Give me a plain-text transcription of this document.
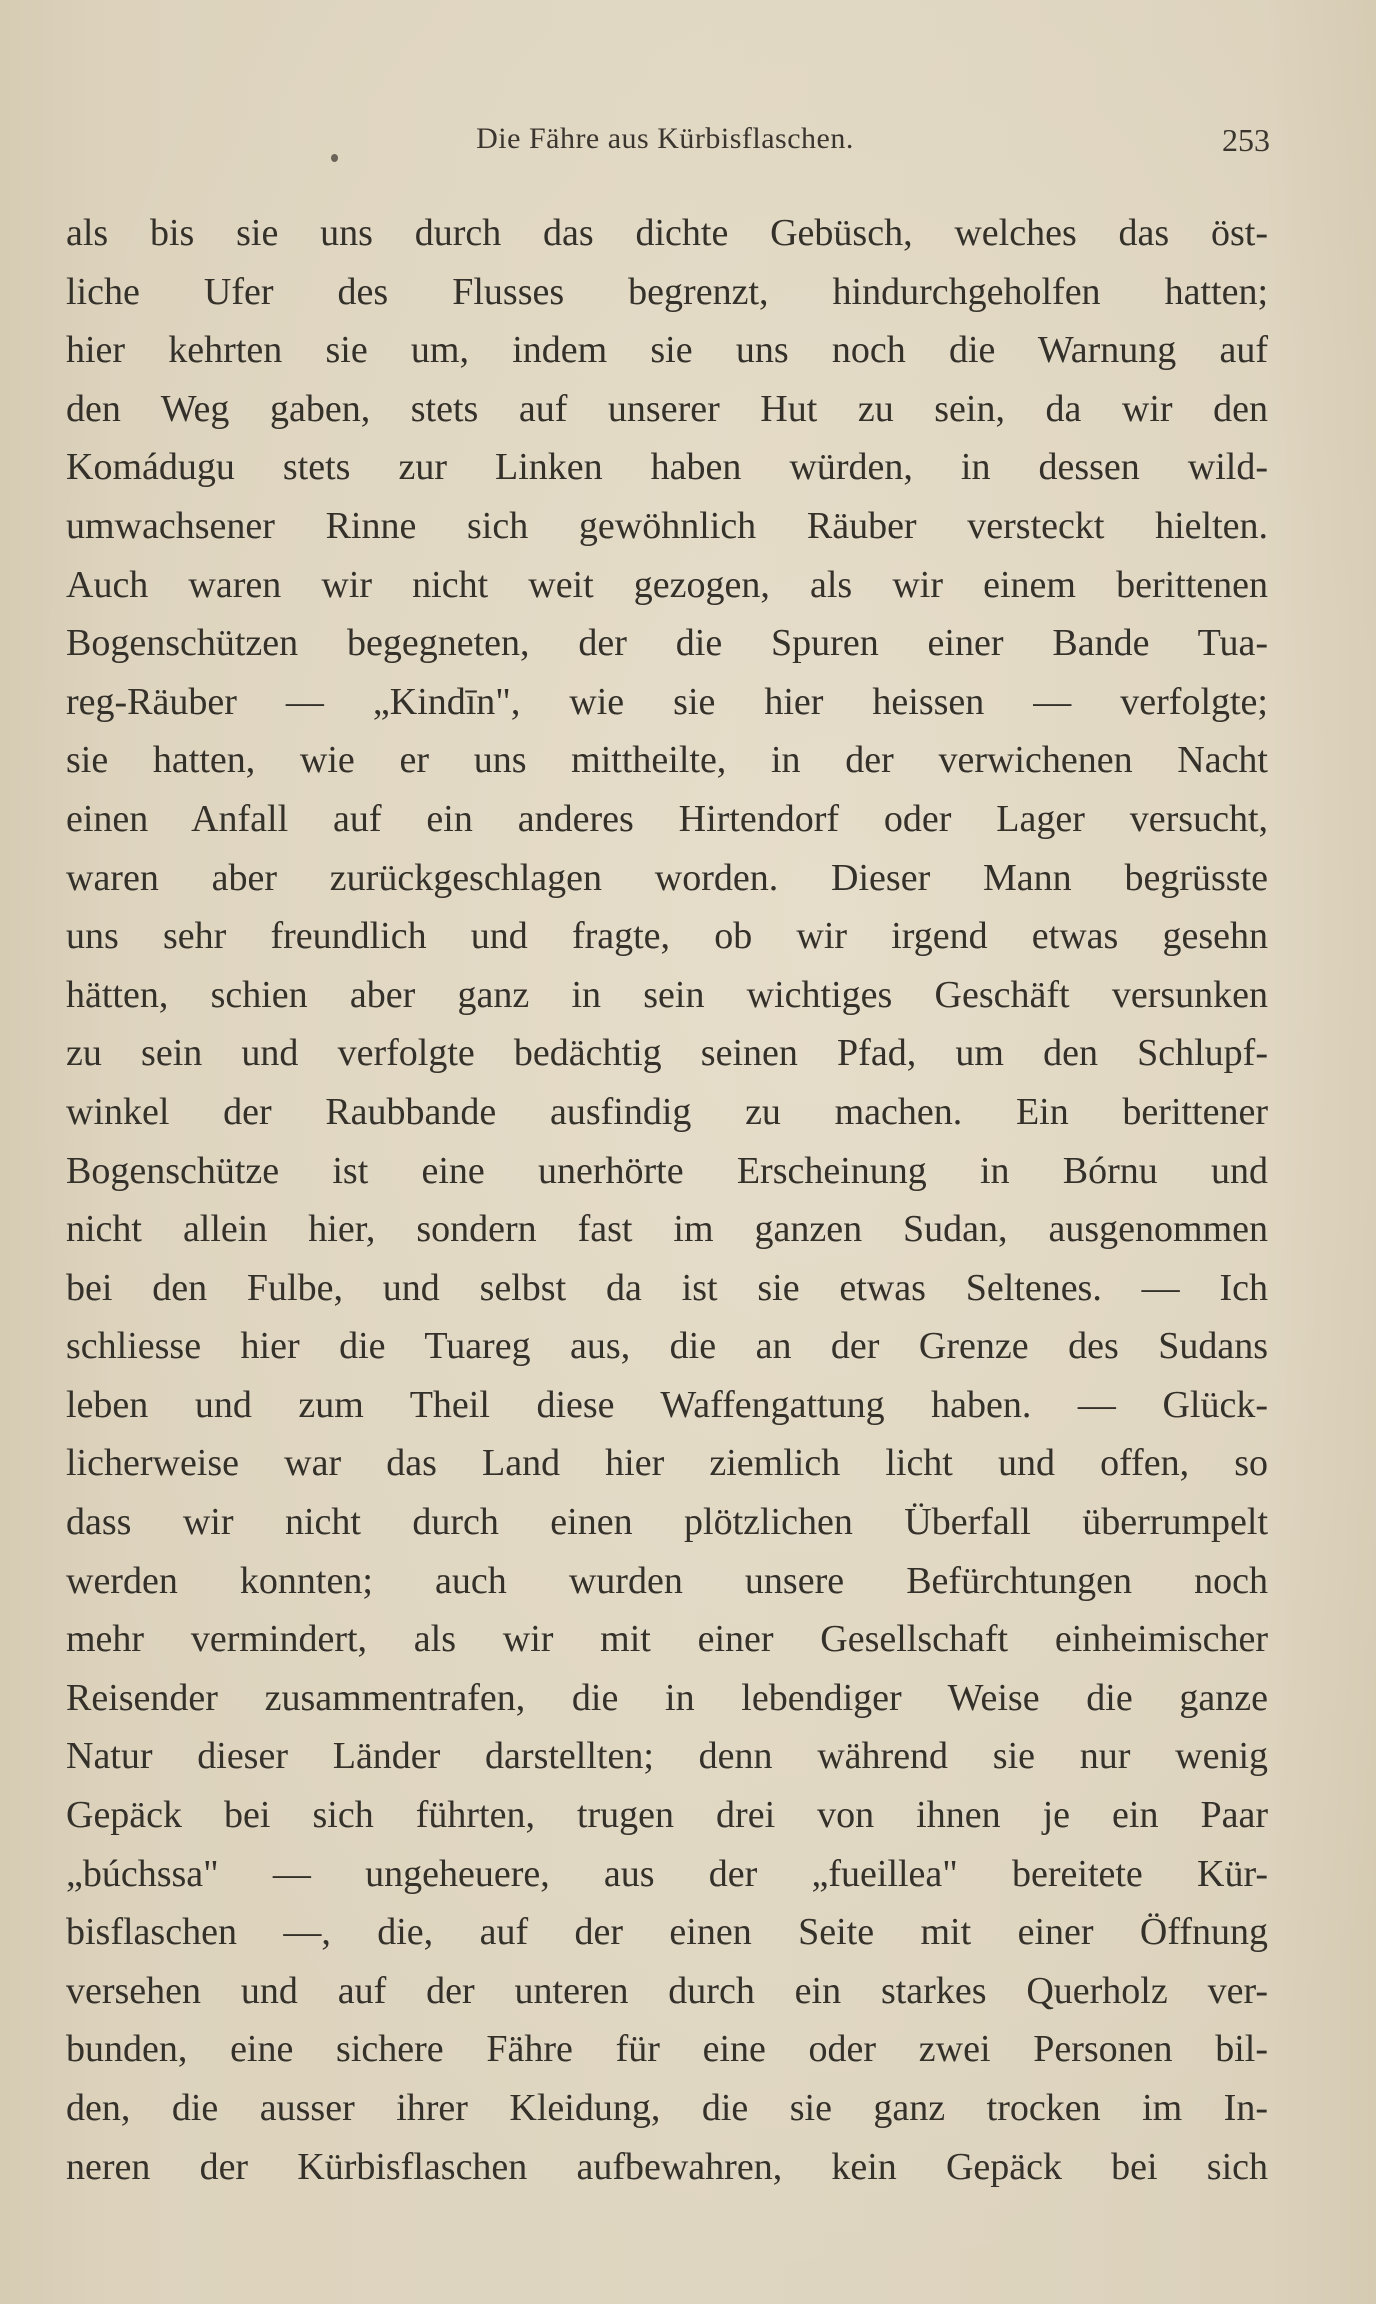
Die Fähre aus Kürbisflaschen.	253
als bis sie uns durch das dichte Gebüsch, welches das öst-
liche Ufer des Flusses begrenzt, hindurchgeholfen hatten;
hier kehrten sie um, indem sie uns noch die Warnung auf
den Weg gaben, stets auf unserer Hut zu sein, da wir den
Komádugu stets zur Linken haben würden, in dessen wild-
umwachsener Rinne sich gewöhnlich Räuber versteckt hielten.
Auch waren wir nicht weit gezogen, als wir einem berittenen
Bogenschützen begegneten, der die Spuren einer Bande Tua-
reg-Räuber — „Kindīn", wie sie hier heissen — verfolgte;
sie hatten, wie er uns mittheilte, in der verwichenen Nacht
einen Anfall auf ein anderes Hirtendorf oder Lager versucht,
waren aber zurückgeschlagen worden. Dieser Mann begrüsste
uns sehr freundlich und fragte, ob wir irgend etwas gesehn
hätten, schien aber ganz in sein wichtiges Geschäft versunken
zu sein und verfolgte bedächtig seinen Pfad, um den Schlupf-
winkel der Raubbande ausfindig zu machen. Ein berittener
Bogenschütze ist eine unerhörte Erscheinung in Bórnu und
nicht allein hier, sondern fast im ganzen Sudan, ausgenommen
bei den Fulbe, und selbst da ist sie etwas Seltenes. — Ich
schliesse hier die Tuareg aus, die an der Grenze des Sudans
leben und zum Theil diese Waffengattung haben. — Glück-
licherweise war das Land hier ziemlich licht und offen, so
dass wir nicht durch einen plötzlichen Überfall überrumpelt
werden konnten; auch wurden unsere Befürchtungen noch
mehr vermindert, als wir mit einer Gesellschaft einheimischer
Reisender zusammentrafen, die in lebendiger Weise die ganze
Natur dieser Länder darstellten; denn während sie nur wenig
Gepäck bei sich führten, trugen drei von ihnen je ein Paar
„búchssa" — ungeheuere, aus der „fueillea" bereitete Kür-
bisflaschen —, die, auf der einen Seite mit einer Öffnung
versehen und auf der unteren durch ein starkes Querholz ver-
bunden, eine sichere Fähre für eine oder zwei Personen bil-
den, die ausser ihrer Kleidung, die sie ganz trocken im In-
neren der Kürbisflaschen aufbewahren, kein Gepäck bei sich
